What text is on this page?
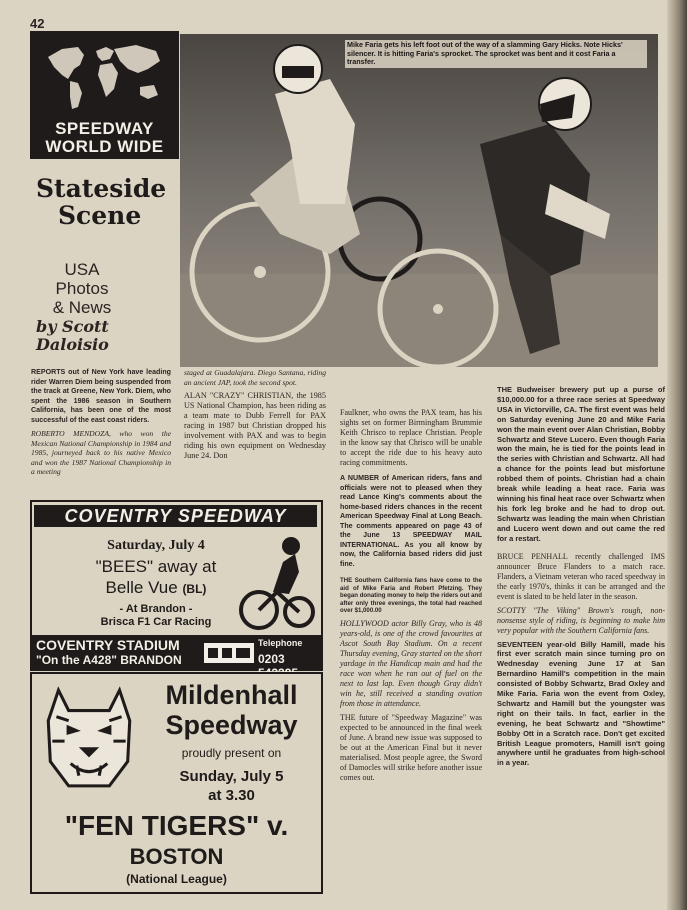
42
SPEEDWAY
WORLD WIDE
Mike Faria gets his left foot out of the way of a slamming Gary Hicks. Note Hicks' silencer. It is hitting Faria's sprocket. The sprocket was bent and it cost Faria a transfer.
Stateside
Scene
USA
Photos
& News
by Scott
Daloisio

REPORTS out of New York have leading rider Warren Diem being suspended from the track at Greene, New York. Diem, who spent the 1986 season in Southern California, has been one of the most successful of the east coast riders.

ROBERTO MENDOZA, who won the Mexican National Championship in 1984 and 1985, journeyed back to his native Mexico and won the 1987 National Championship in a meeting

staged at Guadalajara. Diego Santana, riding an ancient JAP, took the second spot.

ALAN "CRAZY" CHRISTIAN, the 1985 US National Champion, has been riding as a team mate to Dubb Ferrell for PAX racing in 1987 but Christian dropped his involvement with PAX and was to begin riding his own equipment on Wednesday June 24. Don

Faulkner, who owns the PAX team, has his sights set on former Birmingham Brummie Keith Chrisco to replace Christian. People in the know say that Chrisco will be unable to accept the ride due to his heavy auto racing commitments.

A NUMBER of American riders, fans and officials were not to pleased when they read Lance King's comments about the home-based riders chances in the recent American Speedway Final at Long Beach. The comments appeared on page 43 of the June 13 SPEEDWAY MAIL INTERNATIONAL. As you all know by now, the California based riders did just fine.

THE Southern California fans have come to the aid of Mike Faria and Robert Pfetzing. They began donating money to help the riders out and after only three evenings, the total had reached over $1,000.00

HOLLYWOOD actor Billy Gray, who is 48 years-old, is one of the crowd favourites at Ascot South Bay Stadium. On a recent Thursday evening, Gray started on the short yardage in the Handicap main and had the race won when he ran out of fuel on the next to last lap. Even though Gray didn't win he, still received a standing ovation from those in attendance.

THE future of "Speedway Magazine" was expected to be announced in the final week of June. A brand new issue was supposed to be out at the American Final but it never materialised. Most people agree, the Sword of Damocles will strike before another issue comes out.

THE Budweiser brewery put up a purse of $10,000.00 for a three race series at Speedway USA in Victorville, CA. The first event was held on Saturday evening June 20 and Mike Faria won the main event over Alan Christian, Bobby Schwartz and Steve Lucero. Even though Faria won the main, he is tied for the points lead in the series with Christian and Schwartz. All had a chance for the points lead but misfortune robbed them of points. Christian had a chain break while leading a heat race. Faria was winning his final heat race over Schwartz when his fork leg broke and he had to drop out. Schwartz was leading the main when Christian and Lucero went down and out came the red for a restart.

BRUCE PENHALL recently challenged IMS announcer Bruce Flanders to a match race. Flanders, a Vietnam veteran who raced speedway in the early 1970's, thinks it can be arranged and the event is slated to be held later in the season.

SCOTTY "The Viking" Brown's rough, non-nonsense style of riding, is beginning to make him very popular with the Southern California fans.

SEVENTEEN year-old Billy Hamill, made his first ever scratch main since turning pro on Wednesday evening June 17 at San Bernardino Hamill's competition in the main consisted of Bobby Schwartz, Brad Oxley and Mike Faria. Faria won the event from Oxley, Schwartz and Hamill but the youngster was right on their tails. In fact, earlier in the evening, he beat Schwartz and "Showtime" Bobby Ott in a Scratch race. Don't get excited British League promoters, Hamill isn't going anywhere until he graduates from high-school in a year.

COVENTRY SPEEDWAY
Saturday, July 4
"BEES" away at
Belle Vue (BL)
- At Brandon -
Brisca F1 Car Racing
COVENTRY STADIUM
"On the A428" BRANDON
Telephone
0203
Mildenhall
Speedway
proudly present on
Sunday, July 5
at 3.30
"FEN TIGERS" v.
BOSTON
(National League)
